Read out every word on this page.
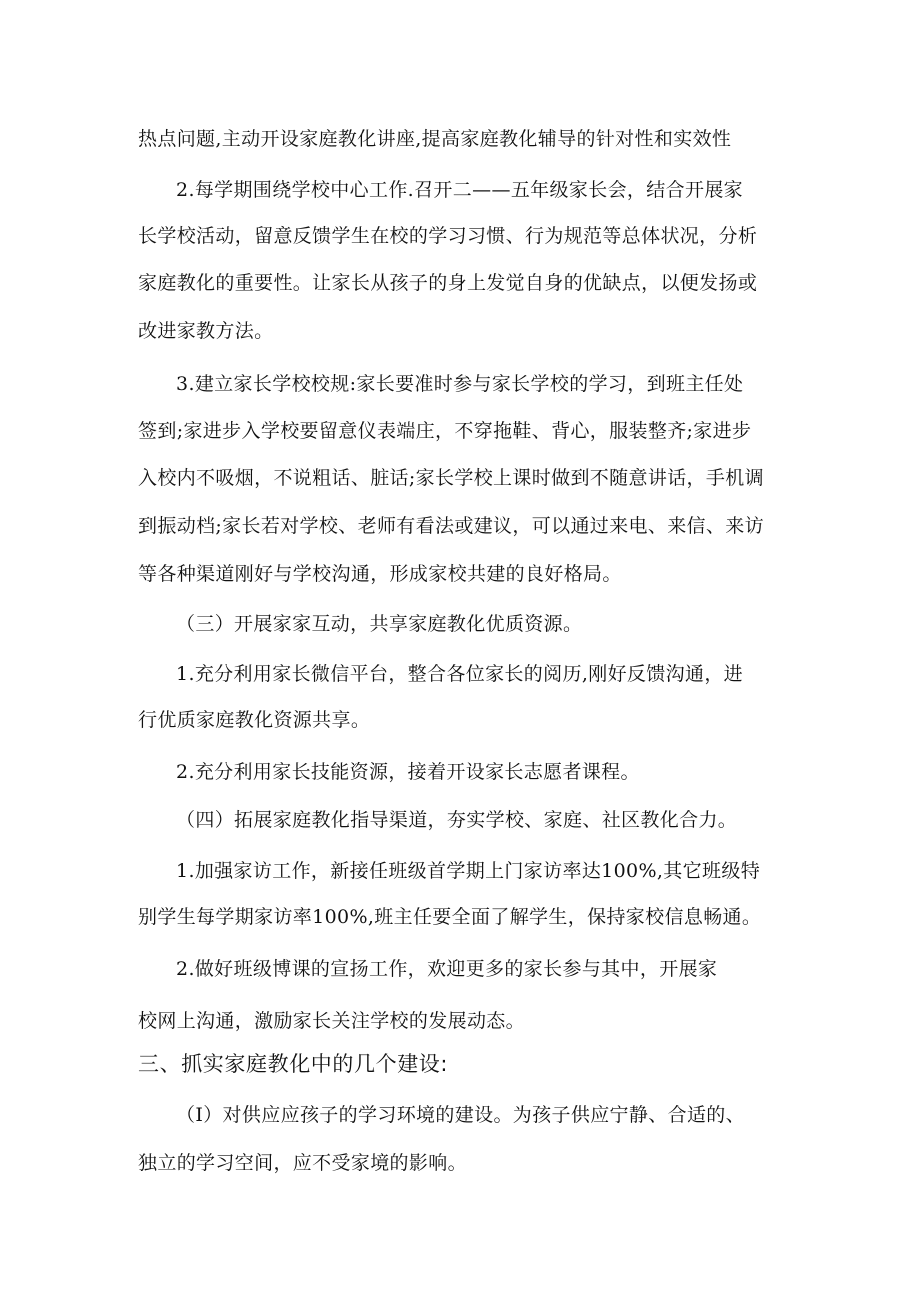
热点问题,主动开设家庭教化讲座,提高家庭教化辅导的针对性和实效性

2.每学期围绕学校中心工作.召开二——五年级家长会，结合开展家

长学校活动，留意反馈学生在校的学习习惯、行为规范等总体状况，分析

家庭教化的重要性。让家长从孩子的身上发觉自身的优缺点，以便发扬或

改进家教方法。

3.建立家长学校校规:家长要准时参与家长学校的学习，到班主任处

签到;家进步入学校要留意仪表端庄，不穿拖鞋、背心，服装整齐;家进步

入校内不吸烟，不说粗话、脏话;家长学校上课时做到不随意讲话，手机调

到振动档;家长若对学校、老师有看法或建议，可以通过来电、来信、来访

等各种渠道刚好与学校沟通，形成家校共建的良好格局。

（三）开展家家互动，共享家庭教化优质资源。

1.充分利用家长微信平台，整合各位家长的阅历,刚好反馈沟通，进

行优质家庭教化资源共享。

2.充分利用家长技能资源，接着开设家长志愿者课程。

（四）拓展家庭教化指导渠道，夯实学校、家庭、社区教化合力。

1.加强家访工作，新接任班级首学期上门家访率达100%,其它班级特

别学生每学期家访率100%,班主任要全面了解学生，保持家校信息畅通。

2.做好班级博课的宣扬工作，欢迎更多的家长参与其中，开展家

校网上沟通，激励家长关注学校的发展动态。

三、抓实家庭教化中的几个建设:

（I）对供应应孩子的学习环境的建设。为孩子供应宁静、合适的、

独立的学习空间，应不受家境的影响。
